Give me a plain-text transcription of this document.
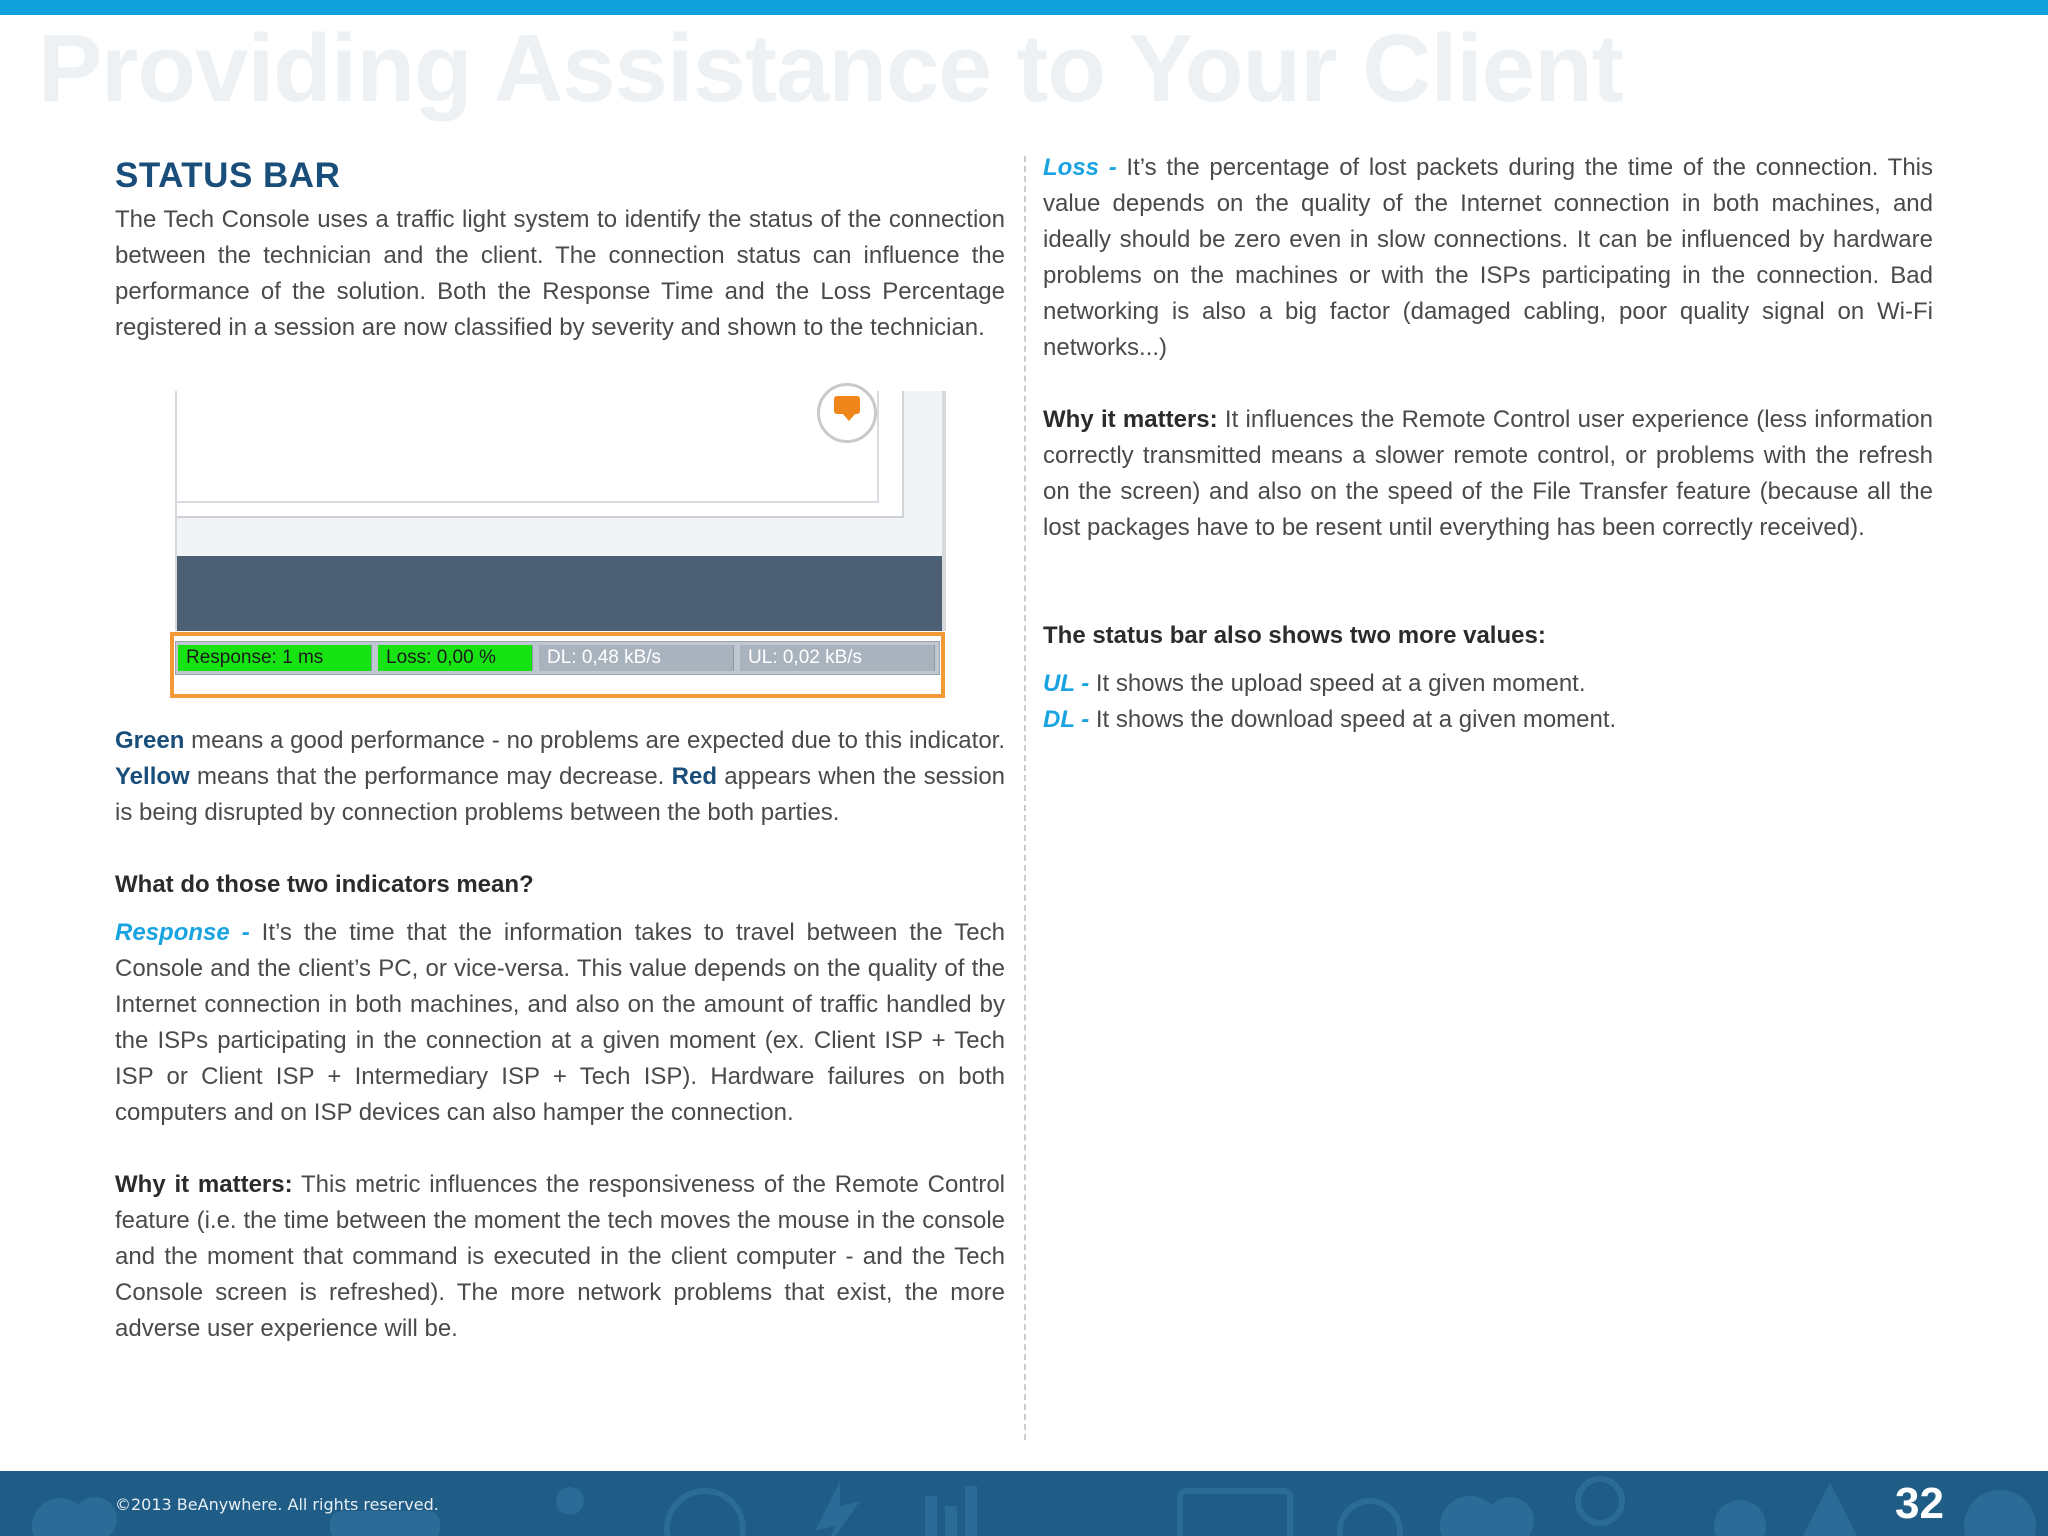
Providing Assistance to Your Client
STATUS BAR

The Tech Console uses a traffic light system to identify the status of the connection between the technician and the client. The connection status can influence the performance of the solution. Both the Response Time and the Loss Percentage registered in a session are now classified by severity and shown to the technician.

Response: 1 ms	Loss: 0,00 %	DL: 0,48 kB/s	UL: 0,02 kB/s

Green means a good performance - no problems are expected due to this indicator. Yellow means that the performance may decrease. Red appears when the session is being disrupted by connection problems between the both parties.

What do those two indicators mean?

Response - It’s the time that the information takes to travel between the Tech Console and the client’s PC, or vice-versa. This value depends on the quality of the Internet connection in both machines, and also on the amount of traffic handled by the ISPs participating in the connection at a given moment (ex. Client ISP + Tech ISP or Client ISP + Intermediary ISP + Tech ISP). Hardware failures on both computers and on ISP devices can also hamper the connection.

Why it matters: This metric influences the responsiveness of the Remote Control feature (i.e. the time between the moment the tech moves the mouse in the console and the moment that command is executed in the client computer - and the Tech Console screen is refreshed). The more network problems that exist, the more adverse user experience will be.

Loss - It’s the percentage of lost packets during the time of the connection. This value depends on the quality of the Internet connection in both machines, and ideally should be zero even in slow connections. It can be influenced by hardware problems on the machines or with the ISPs participating in the connection. Bad networking is also a big factor (damaged cabling, poor quality signal on Wi-Fi networks...)

Why it matters: It influences the Remote Control user experience (less information correctly transmitted means a slower remote control, or problems with the refresh on the screen) and also on the speed of the File Transfer feature (because all the lost packages have to be resent until everything has been correctly received).

The status bar also shows two more values:

UL - It shows the upload speed at a given moment.

DL - It shows the download speed at a given moment.

©2013 BeAnywhere. All rights reserved.	32
